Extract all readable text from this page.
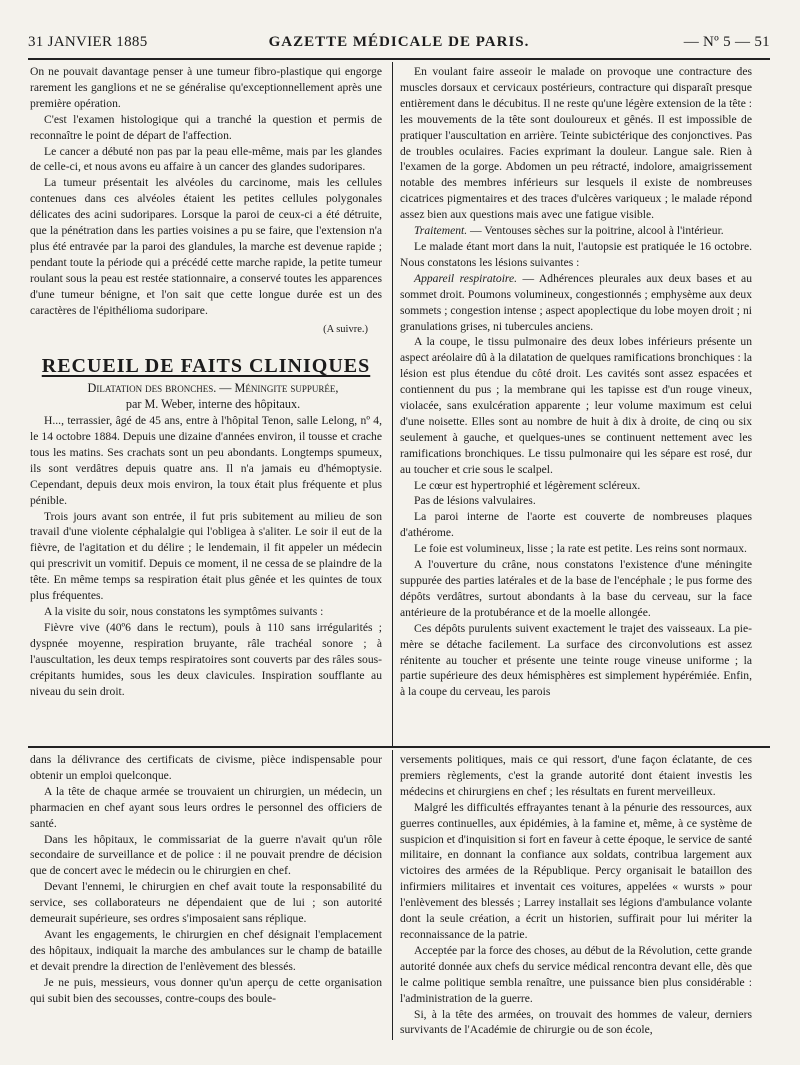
31 JANVIER 1885	GAZETTE MÉDICALE DE PARIS.	— Nº 5 — 51

On ne pouvait davantage penser à une tumeur fibro-plastique qui engorge rarement les ganglions et ne se généralise qu'exceptionnellement après une première opération.

C'est l'examen histologique qui a tranché la question et permis de reconnaître le point de départ de l'affection.

Le cancer a débuté non pas par la peau elle-même, mais par les glandes de celle-ci, et nous avons eu affaire à un cancer des glandes sudoripares.

La tumeur présentait les alvéoles du carcinome, mais les cellules contenues dans ces alvéoles étaient les petites cellules polygonales délicates des acini sudoripares. Lorsque la paroi de ceux-ci a été détruite, que la pénétration dans les parties voisines a pu se faire, que l'extension n'a plus été entravée par la paroi des glandules, la marche est devenue rapide ; pendant toute la période qui a précédé cette marche rapide, la petite tumeur roulant sous la peau est restée stationnaire, a conservé toutes les apparences d'une tumeur bénigne, et l'on sait que cette longue durée est un des caractères de l'épithélioma sudoripare.

(A suivre.)

RECUEIL DE FAITS CLINIQUES

Dilatation des bronches. — Méningite suppurée,

par M. Weber, interne des hôpitaux.

H..., terrassier, âgé de 45 ans, entre à l'hôpital Tenon, salle Lelong, nº 4, le 14 octobre 1884. Depuis une dizaine d'années environ, il tousse et crache tous les matins. Ses crachats sont un peu abondants. Longtemps spumeux, ils sont verdâtres depuis quatre ans. Il n'a jamais eu d'hémoptysie. Cependant, depuis deux mois environ, la toux était plus fréquente et plus pénible.

Trois jours avant son entrée, il fut pris subitement au milieu de son travail d'une violente céphalalgie qui l'obligea à s'aliter. Le soir il eut de la fièvre, de l'agitation et du délire ; le lendemain, il fit appeler un médecin qui prescrivit un vomitif. Depuis ce moment, il ne cessa de se plaindre de la tête. En même temps sa respiration était plus gênée et les quintes de toux plus fréquentes.

A la visite du soir, nous constatons les symptômes suivants :

Fièvre vive (40º6 dans le rectum), pouls à 110 sans irrégularités ; dyspnée moyenne, respiration bruyante, râle trachéal sonore ; à l'auscultation, les deux temps respiratoires sont couverts par des râles sous-crépitants humides, sous les deux clavicules. Inspiration soufflante au niveau du sein droit.

En voulant faire asseoir le malade on provoque une contracture des muscles dorsaux et cervicaux postérieurs, contracture qui disparaît presque entièrement dans le décubitus. Il ne reste qu'une légère extension de la tête : les mouvements de la tête sont douloureux et gênés. Il est impossible de pratiquer l'auscultation en arrière. Teinte subictérique des conjonctives. Pas de troubles oculaires. Facies exprimant la douleur. Langue sale. Rien à l'examen de la gorge. Abdomen un peu rétracté, indolore, amaigrissement notable des membres inférieurs sur lesquels il existe de nombreuses cicatrices pigmentaires et des traces d'ulcères variqueux ; le malade répond assez bien aux questions mais avec une fatigue visible.

Traitement. — Ventouses sèches sur la poitrine, alcool à l'intérieur.

Le malade étant mort dans la nuit, l'autopsie est pratiquée le 16 octobre. Nous constatons les lésions suivantes :

Appareil respiratoire. — Adhérences pleurales aux deux bases et au sommet droit. Poumons volumineux, congestionnés ; emphysème aux deux sommets ; congestion intense ; aspect apoplectique du lobe moyen droit ; ni granulations grises, ni tubercules anciens.

A la coupe, le tissu pulmonaire des deux lobes inférieurs présente un aspect aréolaire dû à la dilatation de quelques ramifications bronchiques : la lésion est plus étendue du côté droit. Les cavités sont assez espacées et contiennent du pus ; la membrane qui les tapisse est d'un rouge vineux, violacée, sans exulcération apparente ; leur volume maximum est celui d'une noisette. Elles sont au nombre de huit à dix à droite, de cinq ou six seulement à gauche, et quelques-unes se continuent nettement avec les ramifications bronchiques. Le tissu pulmonaire qui les sépare est rosé, dur au toucher et crie sous le scalpel.

Le cœur est hypertrophié et légèrement scléreux.

Pas de lésions valvulaires.

La paroi interne de l'aorte est couverte de nombreuses plaques d'athérome.

Le foie est volumineux, lisse ; la rate est petite. Les reins sont normaux.

A l'ouverture du crâne, nous constatons l'existence d'une méningite suppurée des parties latérales et de la base de l'encéphale ; le pus forme des dépôts verdâtres, surtout abondants à la base du cerveau, sur la face antérieure de la protubérance et de la moelle allongée.

Ces dépôts purulents suivent exactement le trajet des vaisseaux. La pie-mère se détache facilement. La surface des circonvolutions est assez rénitente au toucher et présente une teinte rouge vineuse uniforme ; la partie supérieure des deux hémisphères est simplement hypérémiée. Enfin, à la coupe du cerveau, les parois

dans la délivrance des certificats de civisme, pièce indispensable pour obtenir un emploi quelconque.

A la tête de chaque armée se trouvaient un chirurgien, un médecin, un pharmacien en chef ayant sous leurs ordres le personnel des officiers de santé.

Dans les hôpitaux, le commissariat de la guerre n'avait qu'un rôle secondaire de surveillance et de police : il ne pouvait prendre de décision que de concert avec le médecin ou le chirurgien en chef.

Devant l'ennemi, le chirurgien en chef avait toute la responsabilité du service, ses collaborateurs ne dépendaient que de lui ; son autorité demeurait supérieure, ses ordres s'imposaient sans réplique.

Avant les engagements, le chirurgien en chef désignait l'emplacement des hôpitaux, indiquait la marche des ambulances sur le champ de bataille et devait prendre la direction de l'enlèvement des blessés.

Je ne puis, messieurs, vous donner qu'un aperçu de cette organisation qui subit bien des secousses, contre-coups des boule-

versements politiques, mais ce qui ressort, d'une façon éclatante, de ces premiers règlements, c'est la grande autorité dont étaient investis les médecins et chirurgiens en chef ; les résultats en furent merveilleux.

Malgré les difficultés effrayantes tenant à la pénurie des ressources, aux guerres continuelles, aux épidémies, à la famine et, même, à ce système de suspicion et d'inquisition si fort en faveur à cette époque, le service de santé militaire, en donnant la confiance aux soldats, contribua largement aux victoires des armées de la République. Percy organisait le bataillon des infirmiers militaires et inventait ces voitures, appelées « wursts » pour l'enlèvement des blessés ; Larrey installait ses légions d'ambulance volante dont la seule création, a écrit un historien, suffirait pour lui mériter la reconnaissance de la patrie.

Acceptée par la force des choses, au début de la Révolution, cette grande autorité donnée aux chefs du service médical rencontra devant elle, dès que le calme politique sembla renaître, une puissance bien plus considérable : l'administration de la guerre.

Si, à la tête des armées, on trouvait des hommes de valeur, derniers survivants de l'Académie de chirurgie ou de son école,
